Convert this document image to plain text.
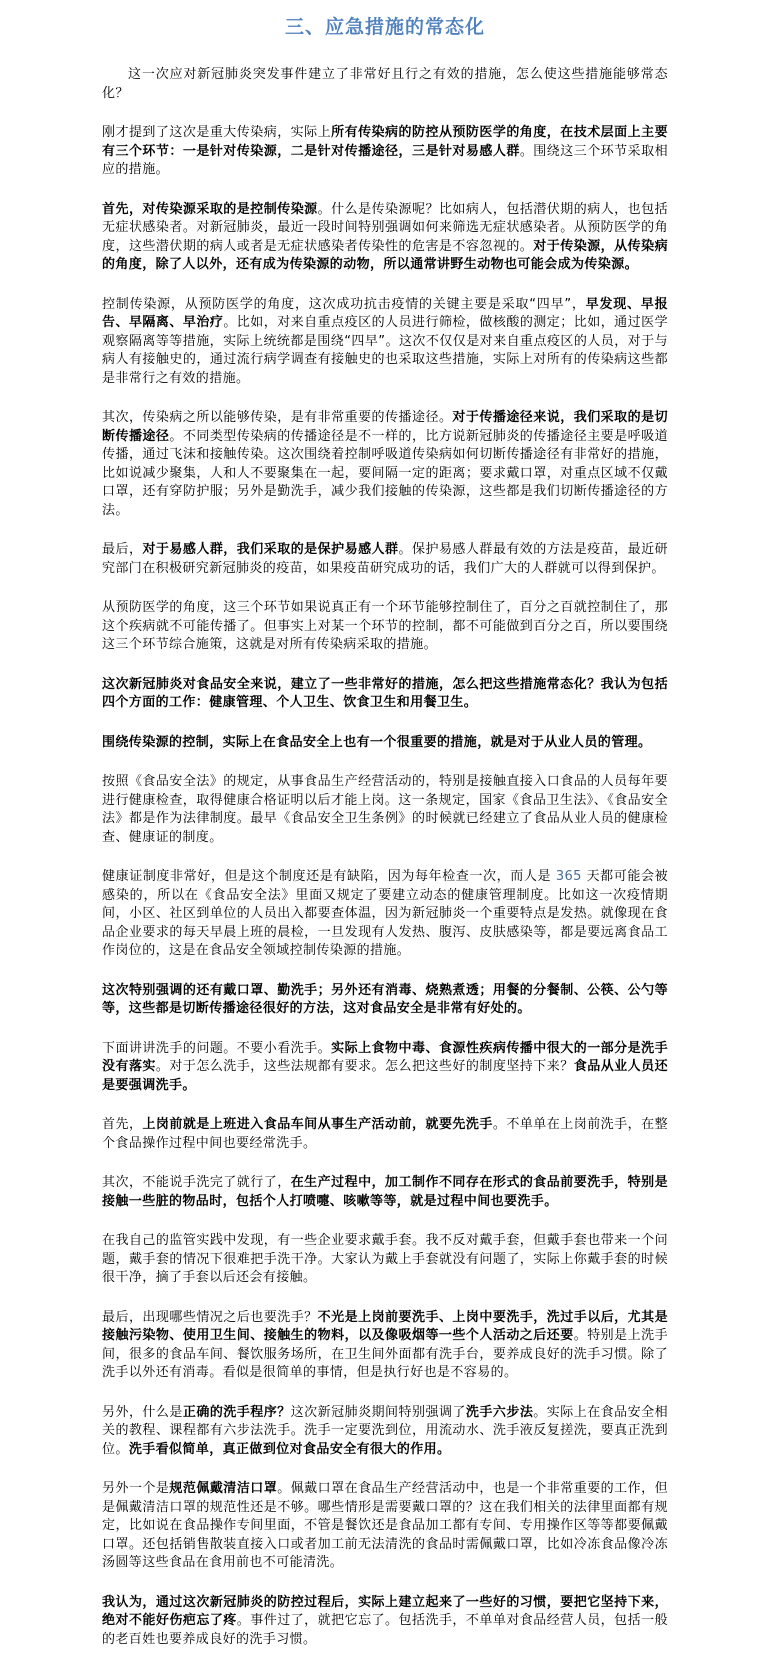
三、应急措施的常态化

这一次应对新冠肺炎突发事件建立了非常好且行之有效的措施，怎么使这些措施能够常态化？

刚才提到了这次是重大传染病，实际上所有传染病的防控从预防医学的角度，在技术层面上主要有三个环节：一是针对传染源，二是针对传播途径，三是针对易感人群。围绕这三个环节采取相应的措施。

首先，对传染源采取的是控制传染源。什么是传染源呢？比如病人，包括潜伏期的病人，也包括无症状感染者。对新冠肺炎，最近一段时间特别强调如何来筛选无症状感染者。从预防医学的角度，这些潜伏期的病人或者是无症状感染者传染性的危害是不容忽视的。对于传染源，从传染病的角度，除了人以外，还有成为传染源的动物，所以通常讲野生动物也可能会成为传染源。

控制传染源，从预防医学的角度，这次成功抗击疫情的关键主要是采取“四早”，早发现、早报告、早隔离、早治疗。比如，对来自重点疫区的人员进行筛检，做核酸的测定；比如，通过医学观察隔离等等措施，实际上统统都是围绕“四早”。这次不仅仅是对来自重点疫区的人员，对于与病人有接触史的，通过流行病学调查有接触史的也采取这些措施，实际上对所有的传染病这些都是非常行之有效的措施。

其次，传染病之所以能够传染，是有非常重要的传播途径。对于传播途径来说，我们采取的是切断传播途径。不同类型传染病的传播途径是不一样的，比方说新冠肺炎的传播途径主要是呼吸道传播，通过飞沫和接触传染。这次围绕着控制呼吸道传染病如何切断传播途径有非常好的措施，比如说减少聚集，人和人不要聚集在一起，要间隔一定的距离；要求戴口罩，对重点区域不仅戴口罩，还有穿防护服；另外是勤洗手，减少我们接触的传染源，这些都是我们切断传播途径的方法。

最后，对于易感人群，我们采取的是保护易感人群。保护易感人群最有效的方法是疫苗，最近研究部门在积极研究新冠肺炎的疫苗，如果疫苗研究成功的话，我们广大的人群就可以得到保护。

从预防医学的角度，这三个环节如果说真正有一个环节能够控制住了，百分之百就控制住了，那这个疾病就不可能传播了。但事实上对某一个环节的控制，都不可能做到百分之百，所以要围绕这三个环节综合施策，这就是对所有传染病采取的措施。

这次新冠肺炎对食品安全来说，建立了一些非常好的措施，怎么把这些措施常态化？我认为包括四个方面的工作：健康管理、个人卫生、饮食卫生和用餐卫生。

围绕传染源的控制，实际上在食品安全上也有一个很重要的措施，就是对于从业人员的管理。

按照《食品安全法》的规定，从事食品生产经营活动的，特别是接触直接入口食品的人员每年要进行健康检查，取得健康合格证明以后才能上岗。这一条规定，国家《食品卫生法》、《食品安全法》都是作为法律制度。最早《食品安全卫生条例》的时候就已经建立了食品从业人员的健康检查、健康证的制度。

健康证制度非常好，但是这个制度还是有缺陷，因为每年检查一次，而人是 365 天都可能会被感染的，所以在《食品安全法》里面又规定了要建立动态的健康管理制度。比如这一次疫情期间，小区、社区到单位的人员出入都要查体温，因为新冠肺炎一个重要特点是发热。就像现在食品企业要求的每天早晨上班的晨检，一旦发现有人发热、腹泻、皮肤感染等，都是要远离食品工作岗位的，这是在食品安全领域控制传染源的措施。

这次特别强调的还有戴口罩、勤洗手；另外还有消毒、烧熟煮透；用餐的分餐制、公筷、公勺等等，这些都是切断传播途径很好的方法，这对食品安全是非常有好处的。

下面讲讲洗手的问题。不要小看洗手。实际上食物中毒、食源性疾病传播中很大的一部分是洗手没有落实。对于怎么洗手，这些法规都有要求。怎么把这些好的制度坚持下来？食品从业人员还是要强调洗手。

首先，上岗前就是上班进入食品车间从事生产活动前，就要先洗手。不单单在上岗前洗手，在整个食品操作过程中间也要经常洗手。

其次，不能说手洗完了就行了，在生产过程中，加工制作不同存在形式的食品前要洗手，特别是接触一些脏的物品时，包括个人打喷嚏、咳嗽等等，就是过程中间也要洗手。

在我自己的监管实践中发现，有一些企业要求戴手套。我不反对戴手套，但戴手套也带来一个问题，戴手套的情况下很难把手洗干净。大家认为戴上手套就没有问题了，实际上你戴手套的时候很干净，摘了手套以后还会有接触。

最后，出现哪些情况之后也要洗手？不光是上岗前要洗手、上岗中要洗手，洗过手以后，尤其是接触污染物、使用卫生间、接触生的物料，以及像吸烟等一些个人活动之后还要。特别是上洗手间，很多的食品车间、餐饮服务场所，在卫生间外面都有洗手台，要养成良好的洗手习惯。除了洗手以外还有消毒。看似是很简单的事情，但是执行好也是不容易的。

另外，什么是正确的洗手程序？这次新冠肺炎期间特别强调了洗手六步法。实际上在食品安全相关的教程、课程都有六步法洗手。洗手一定要洗到位，用流动水、洗手液反复搓洗，要真正洗到位。洗手看似简单，真正做到位对食品安全有很大的作用。

另外一个是规范佩戴清洁口罩。佩戴口罩在食品生产经营活动中，也是一个非常重要的工作，但是佩戴清洁口罩的规范性还是不够。哪些情形是需要戴口罩的？这在我们相关的法律里面都有规定，比如说在食品操作专间里面，不管是餐饮还是食品加工都有专间、专用操作区等等都要佩戴口罩。还包括销售散装直接入口或者加工前无法清洗的食品时需佩戴口罩，比如冷冻食品像冷冻汤圆等这些食品在食用前也不可能清洗。

我认为，通过这次新冠肺炎的防控过程后，实际上建立起来了一些好的习惯，要把它坚持下来，绝对不能好伤疤忘了疼。事件过了，就把它忘了。包括洗手，不单单对食品经营人员，包括一般的老百姓也要养成良好的洗手习惯。
